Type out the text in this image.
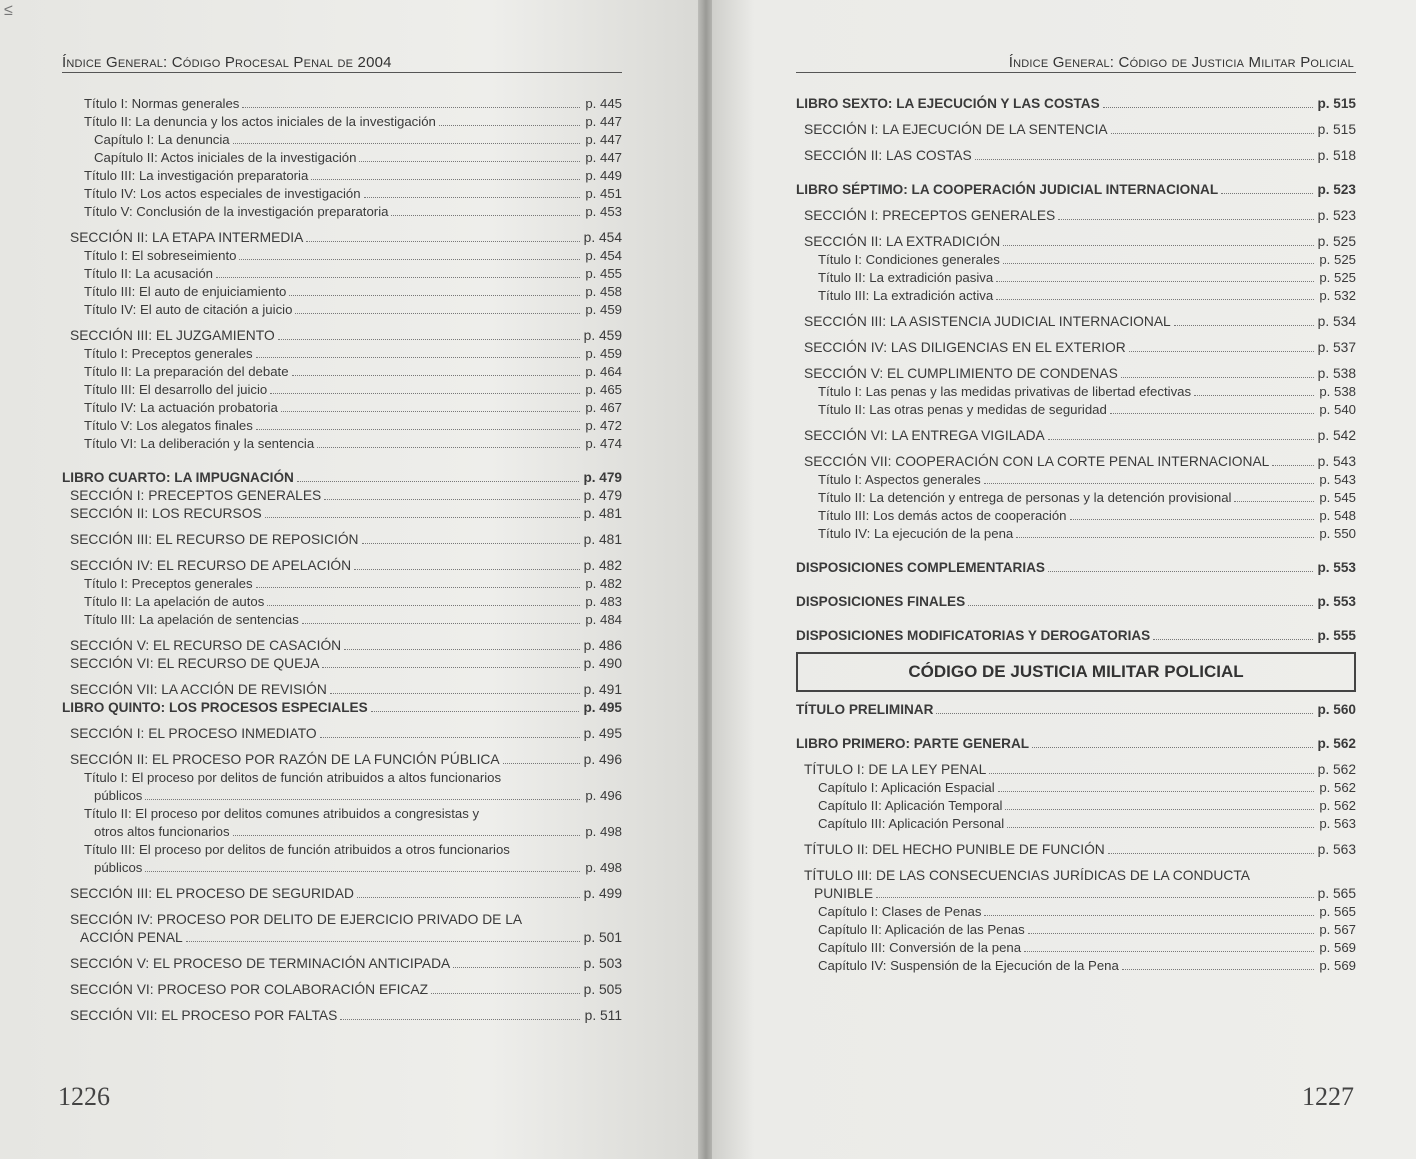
≤
Índice General: Código Procesal Penal de 2004
Título I: Normas generales	p. 445
Título II: La denuncia y los actos iniciales de la investigación	p. 447
Capítulo I: La denuncia	p. 447
Capítulo II: Actos iniciales de la investigación	p. 447
Título III: La investigación preparatoria	p. 449
Título IV: Los actos especiales de investigación	p. 451
Título V: Conclusión de la investigación preparatoria	p. 453
SECCIÓN II: LA ETAPA INTERMEDIA	p. 454
Título I: El sobreseimiento	p. 454
Título II: La acusación	p. 455
Título III: El auto de enjuiciamiento	p. 458
Título IV: El auto de citación a juicio	p. 459
SECCIÓN III: EL JUZGAMIENTO	p. 459
Título I: Preceptos generales	p. 459
Título II: La preparación del debate	p. 464
Título III: El desarrollo del juicio	p. 465
Título IV: La actuación probatoria	p. 467
Título V: Los alegatos finales	p. 472
Título VI: La deliberación y la sentencia	p. 474
LIBRO CUARTO: LA IMPUGNACIÓN	p. 479
SECCIÓN I: PRECEPTOS GENERALES	p. 479
SECCIÓN II: LOS RECURSOS	p. 481
SECCIÓN III: EL RECURSO DE REPOSICIÓN	p. 481
SECCIÓN IV: EL RECURSO DE APELACIÓN	p. 482
Título I: Preceptos generales	p. 482
Título II: La apelación de autos	p. 483
Título III: La apelación de sentencias	p. 484
SECCIÓN V: EL RECURSO DE CASACIÓN	p. 486
SECCIÓN VI: EL RECURSO DE QUEJA	p. 490
SECCIÓN VII: LA ACCIÓN DE REVISIÓN	p. 491
LIBRO QUINTO: LOS PROCESOS ESPECIALES	p. 495
SECCIÓN I: EL PROCESO INMEDIATO	p. 495
SECCIÓN II: EL PROCESO POR RAZÓN DE LA FUNCIÓN PÚBLICA	p. 496
Título I: El proceso por delitos de función atribuidos a altos funcionarios
públicos	p. 496
Título II: El proceso por delitos comunes atribuidos a congresistas y
otros altos funcionarios	p. 498
Título III: El proceso por delitos de función atribuidos a otros funcionarios
públicos	p. 498
SECCIÓN III: EL PROCESO DE SEGURIDAD	p. 499
SECCIÓN IV: PROCESO POR DELITO DE EJERCICIO PRIVADO DE LA
ACCIÓN PENAL	p. 501
SECCIÓN V: EL PROCESO DE TERMINACIÓN ANTICIPADA	p. 503
SECCIÓN VI: PROCESO POR COLABORACIÓN EFICAZ	p. 505
SECCIÓN VII: EL PROCESO POR FALTAS	p. 511
1226
Índice General: Código de Justicia Militar Policial
LIBRO SEXTO: LA EJECUCIÓN Y LAS COSTAS	p. 515
SECCIÓN I: LA EJECUCIÓN DE LA SENTENCIA	p. 515
SECCIÓN II: LAS COSTAS	p. 518
LIBRO SÉPTIMO: LA COOPERACIÓN JUDICIAL INTERNACIONAL	p. 523
SECCIÓN I: PRECEPTOS GENERALES	p. 523
SECCIÓN II: LA EXTRADICIÓN	p. 525
Título I: Condiciones generales	p. 525
Título II: La extradición pasiva	p. 525
Título III: La extradición activa	p. 532
SECCIÓN III: LA ASISTENCIA JUDICIAL INTERNACIONAL	p. 534
SECCIÓN IV: LAS DILIGENCIAS EN EL EXTERIOR	p. 537
SECCIÓN V: EL CUMPLIMIENTO DE CONDENAS	p. 538
Título I: Las penas y las medidas privativas de libertad efectivas	p. 538
Título II: Las otras penas y medidas de seguridad	p. 540
SECCIÓN VI: LA ENTREGA VIGILADA	p. 542
SECCIÓN VII: COOPERACIÓN CON LA CORTE PENAL INTERNACIONAL	p. 543
Título I: Aspectos generales	p. 543
Título II: La detención y entrega de personas y la detención provisional	p. 545
Título III: Los demás actos de cooperación	p. 548
Título IV: La ejecución de la pena	p. 550
DISPOSICIONES COMPLEMENTARIAS	p. 553
DISPOSICIONES FINALES	p. 553
DISPOSICIONES MODIFICATORIAS Y DEROGATORIAS	p. 555
CÓDIGO DE JUSTICIA MILITAR POLICIAL
TÍTULO PRELIMINAR	p. 560
LIBRO PRIMERO: PARTE GENERAL	p. 562
TÍTULO I: DE LA LEY PENAL	p. 562
Capítulo I: Aplicación Espacial	p. 562
Capítulo II: Aplicación Temporal	p. 562
Capítulo III: Aplicación Personal	p. 563
TÍTULO II: DEL HECHO PUNIBLE DE FUNCIÓN	p. 563
TÍTULO III: DE LAS CONSECUENCIAS JURÍDICAS DE LA CONDUCTA
PUNIBLE	p. 565
Capítulo I: Clases de Penas	p. 565
Capítulo II: Aplicación de las Penas	p. 567
Capítulo III: Conversión de la pena	p. 569
Capítulo IV: Suspensión de la Ejecución de la Pena	p. 569
1227
